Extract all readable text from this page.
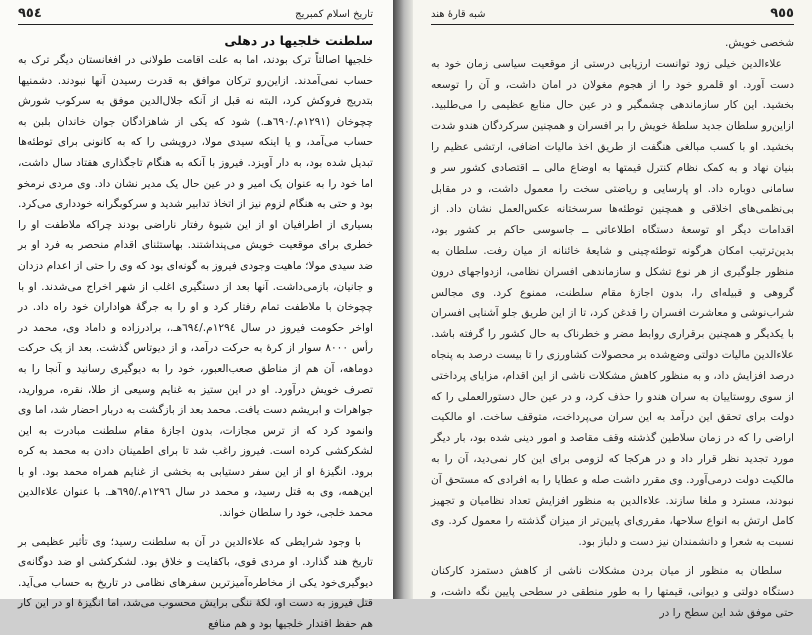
تاریخ اسلام کمبریج
٩٥٤
سلطنت خلجیها در دهلی

خلجیها اصالتاً ترک بودند، اما به علت اقامت طولانی در افغانستان دیگر ترک به حساب نمی‌آمدند. ازاین‌رو ترکان موافق به قدرت رسیدن آنها نبودند. دشمنیها بتدریج فروکش کرد، البته نه قبل از آنکه جلال‌الدین موفق به سرکوب شورش چچوخان (١٢٩١م./٦٩٠هـ.) شود که یکی از شاهزادگان جوان خاندان بلبن به حساب می‌آمد، و یا اینکه سیدی مولا، درویشی را که به کانونی برای توطئه‌ها تبدیل شده بود، به دار آویزد. فیروز با آنکه به هنگام تاجگذاری هفتاد سال داشت، اما خود را به عنوان یک امیر و در عین حال یک مدیر نشان داد. وی مردی نرمخو بود و حتی به هنگام لزوم نیز از اتخاذ تدابیر شدید و سرکوبگرانه خودداری می‌کرد. بسیاری از اطرافیان او از این شیوهٔ رفتار ناراضی بودند چراکه ملاطفت او را خطری برای موقعیت خویش می‌پنداشتند. بهاستثنای اقدام منحصر به فرد او بر ضد سیدی مولا؛ ماهیت وجودی فیروز به گونه‌ای بود که وی را حتی از اعدام دزدان و جانیان، بازمی‌داشت. آنها بعد از دستگیری اغلب از شهر اخراج می‌شدند. او با چچوخان با ملاطفت تمام رفتار کرد و او را به جرگهٔ هواداران خود راه داد. در اواخر حکومت فیروز در سال ١٢٩٤م./٦٩٤هـ.، برادرزاده و داماد وی، محمد در رأس ٨٠٠٠ سوار از کرهٔ به حرکت درآمد، و از دیوتاس گذشت. بعد از یک حرکت دوماهه، آن هم از مناطق صعب‌العبور، خود را به دیوگیری رسانید و آنجا را به تصرف خویش درآورد. او در این ستیز به غنایم وسیعی از طلا، نقره، مروارید، جواهرات و ابریشم دست یافت. محمد بعد از بازگشت به دربار احضار شد، اما وی وانمود کرد که از ترس مجازات، بدون اجازهٔ مقام سلطنت مبادرت به این لشکرکشی کرده است. فیروز راغب شد تا برای اطمینان دادن به محمد به کره برود. انگیزهٔ او از این سفر دستیابی به بخشی از غنایم همراه محمد بود. او با این‌همه، وی به قتل رسید، و محمد در سال ١٢٩٦م./٦٩٥هـ. با عنوان علاءالدین محمد خلجی، خود را سلطان خواند.

با وجود شرایطی که علاءالدین در آن به سلطنت رسید؛ وی تأثیر عظیمی بر تاریخ هند گذارد. او مردی قوی، باکفایت و خلاق بود. لشکرکشی او ضد دوگانه‌ی دیوگیری‌خود یکی از مخاطره‌آمیزترین سفرهای نظامی در تاریخ به حساب می‌آید. قتل فیروز به دست او، لکهٔ ننگی برایش محسوب می‌شد، اما انگیزهٔ او در این کار هم حفظ اقتدار خلجیها بود و هم منافع

٩٥٥
شبه قارهٔ هند

شخصی خویش.

علاءالدین خیلی زود توانست ارزیابی درستی از موقعیت سیاسی زمان خود به دست آورد. او قلمرو خود را از هجوم مغولان در امان داشت، و آن را توسعه بخشید. این کار سازماندهی چشمگیر و در عین حال منابع عظیمی را می‌طلبید. ازاین‌رو سلطان جدید سلطهٔ خویش را بر افسران و همچنین سرکردگان هندو شدت بخشید. او با کسب مبالغی هنگفت از طریق اخذ مالیات اضافی، ارتشی عظیم را بنیان نهاد و به کمک نظام کنترل قیمتها به اوضاع مالی ــ اقتصادی کشور سر و سامانی دوباره داد. او پارسایی و ریاضتی سخت را معمول داشت، و در مقابل بی‌نظمی‌های اخلاقی و همچنین توطئه‌ها سرسختانه عکس‌العمل نشان داد. از اقدامات دیگر او توسعهٔ دستگاه اطلاعاتی ــ جاسوسی حاکم بر کشور بود، بدین‌ترتیب امکان هرگونه توطئه‌چینی و شایعهٔ خائنانه از میان رفت. سلطان به منظور جلوگیری از هر نوع تشکل و سازماندهی افسران نظامی، ازدواجهای درون گروهی و قبیله‌ای را، بدون اجازهٔ مقام سلطنت، ممنوع کرد. وی مجالس شراب‌نوشی و معاشرت افسران را قدغن کرد، تا از این طریق جلو آشنایی افسران با یکدیگر و همچنین برقراری روابط مضر و خطرناک به حال کشور را گرفته باشد. علاءالدین مالیات دولتی وضع‌شده بر محصولات کشاورزی را تا بیست درصد به پنجاه درصد افزایش داد، و به منظور کاهش مشکلات ناشی از این اقدام، مزایای پرداختی از سوی روستاییان به سران هندو را حذف کرد، و در عین حال دستورالعملی را که دولت برای تحقق این درآمد به این سران می‌پرداخت، متوقف ساخت. او مالکیت اراضی را که در زمان سلاطین گذشته وقف مقاصد و امور دینی شده بود، بار دیگر مورد تجدید نظر قرار داد و در هرکجا که لزومی برای این کار نمی‌دید، آن را به مالکیت دولت درمی‌آورد. وی مقرر داشت صله و عطایا را به افرادی که مستحق آن نبودند، مسترد و ملغا سازند. علاءالدین به منظور افزایش تعداد نظامیان و تجهیز کامل ارتش به انواع سلاحها، مقرری‌ای پایین‌تر از میزان گذشته را معمول کرد. وی نسبت به شعرا و دانشمندان نیز دست و دلباز بود.

سلطان به منظور از میان بردن مشکلات ناشی از کاهش دستمزد کارکنان دستگاه دولتی و دیوانی، قیمتها را به طور منطقی در سطحی پایین نگه داشت، و حتی موفق شد این سطح را در
